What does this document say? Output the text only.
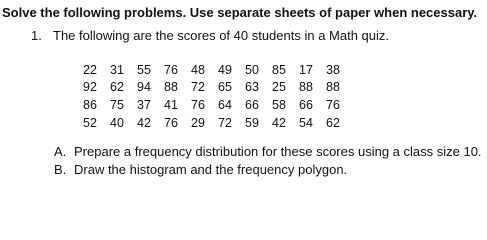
Solve the following problems. Use separate sheets of paper when necessary.
1. The following are the scores of 40 students in a Math quiz.
22	31	55	76	48	49	50	85	17	38
92	62	94	88	72	65	63	25	88	88
86	75	37	41	76	64	66	58	66	76
52	40	42	76	29	72	59	42	54	62
A. Prepare a frequency distribution for these scores using a class size 10.
B. Draw the histogram and the frequency polygon.
